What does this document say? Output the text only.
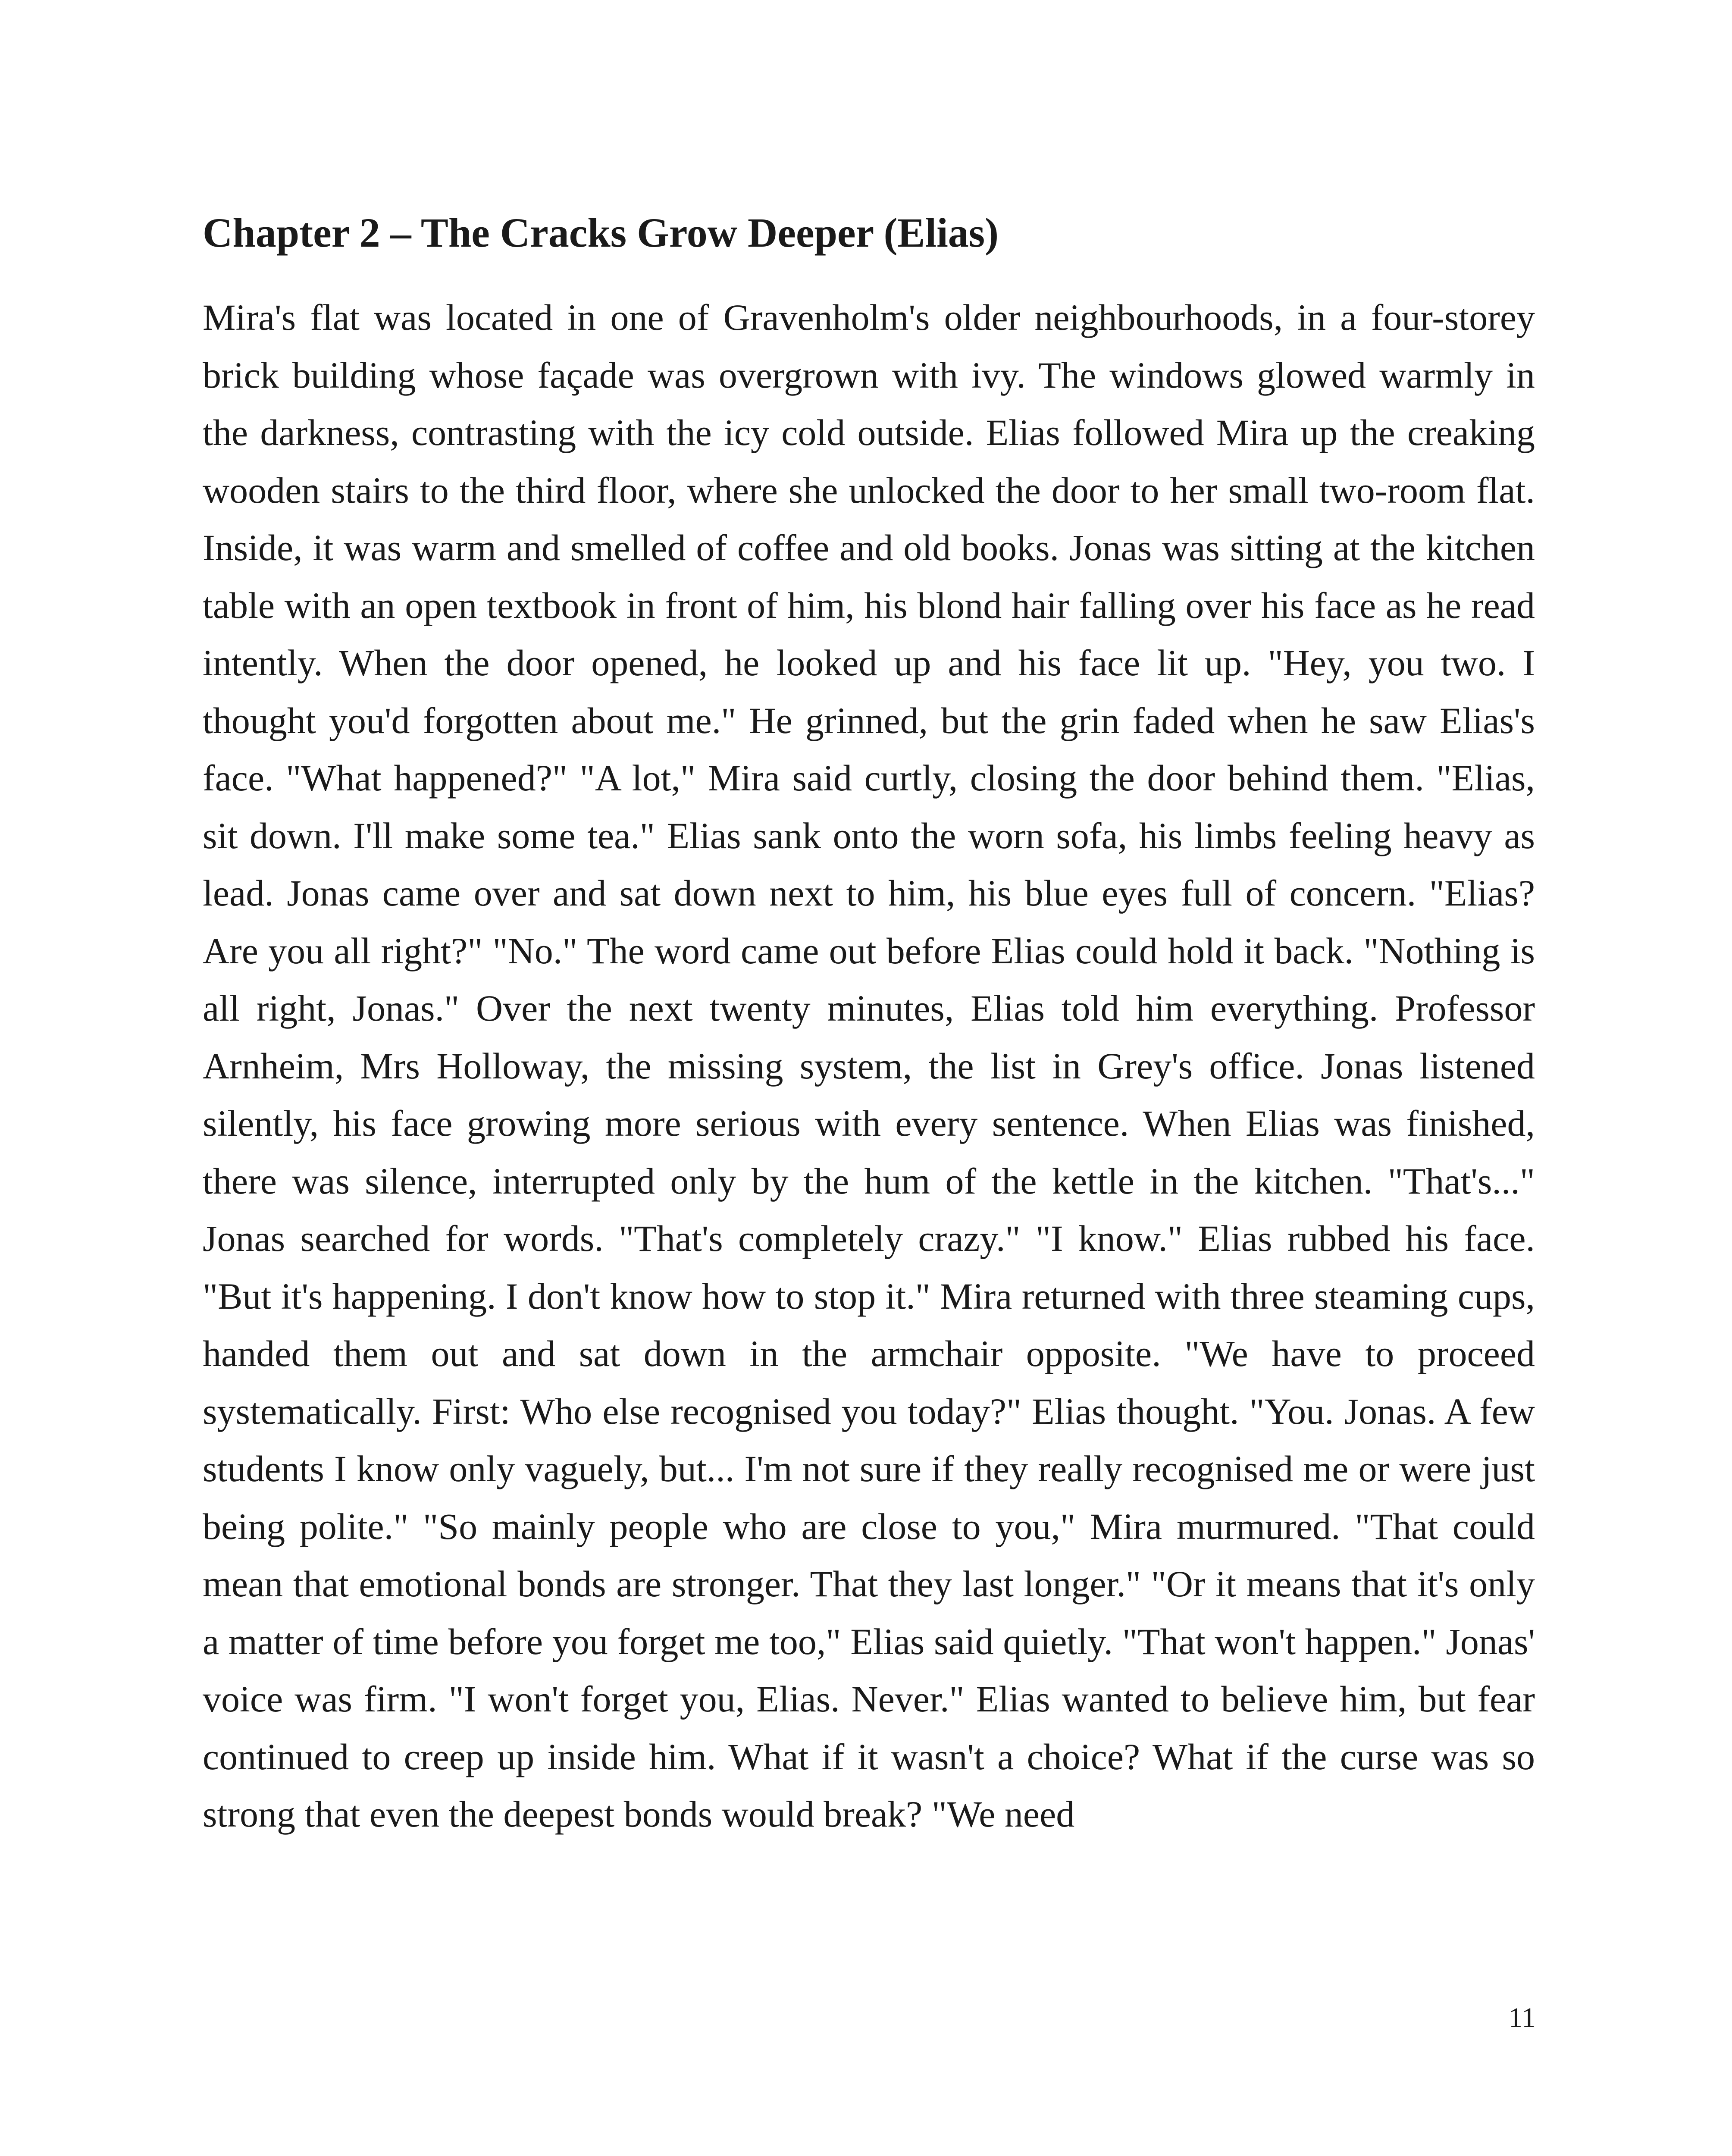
Chapter 2 – The Cracks Grow Deeper (Elias)

Mira's flat was located in one of Gravenholm's older neighbourhoods, in a four-storey brick building whose façade was overgrown with ivy. The windows glowed warmly in the darkness, contrasting with the icy cold outside. Elias followed Mira up the creaking wooden stairs to the third floor, where she unlocked the door to her small two-room flat. Inside, it was warm and smelled of coffee and old books. Jonas was sitting at the kitchen table with an open textbook in front of him, his blond hair falling over his face as he read intently. When the door opened, he looked up and his face lit up. "Hey, you two. I thought you'd forgotten about me." He grinned, but the grin faded when he saw Elias's face. "What happened?" "A lot," Mira said curtly, closing the door behind them. "Elias, sit down. I'll make some tea." Elias sank onto the worn sofa, his limbs feeling heavy as lead. Jonas came over and sat down next to him, his blue eyes full of concern. "Elias? Are you all right?" "No." The word came out before Elias could hold it back. "Nothing is all right, Jonas." Over the next twenty minutes, Elias told him everything. Professor Arnheim, Mrs Holloway, the missing system, the list in Grey's office. Jonas listened silently, his face growing more serious with every sentence. When Elias was finished, there was silence, interrupted only by the hum of the kettle in the kitchen. "That's..." Jonas searched for words. "That's completely crazy." "I know." Elias rubbed his face. "But it's happening. I don't know how to stop it." Mira returned with three steaming cups, handed them out and sat down in the armchair opposite. "We have to proceed systematically. First: Who else recognised you today?" Elias thought. "You. Jonas. A few students I know only vaguely, but... I'm not sure if they really recognised me or were just being polite." "So mainly people who are close to you," Mira murmured. "That could mean that emotional bonds are stronger. That they last longer." "Or it means that it's only a matter of time before you forget me too," Elias said quietly. "That won't happen." Jonas' voice was firm. "I won't forget you, Elias. Never." Elias wanted to believe him, but fear continued to creep up inside him. What if it wasn't a choice? What if the curse was so strong that even the deepest bonds would break? "We need

11
